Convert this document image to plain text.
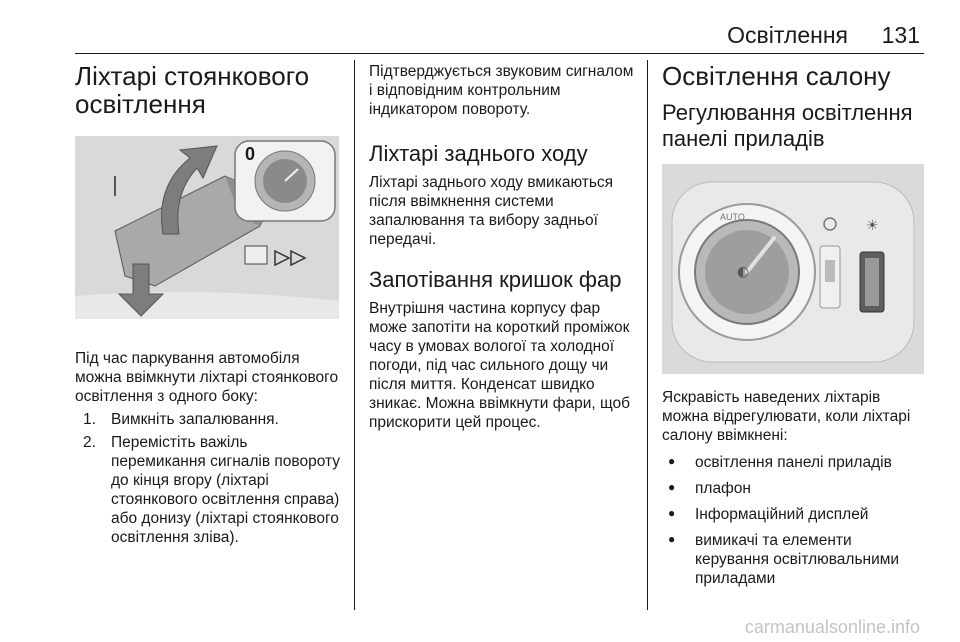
Освітлення 131
Ліхтарі стоянкового освітлення
0

Під час паркування автомобіля можна ввімкнути ліхтарі стоянкового освітлення з одного боку:

1. Вимкніть запалювання.
2. Перемістіть важіль перемикання сигналів повороту до кінця вгору (ліхтарі стоянкового освітлення справа) або донизу (ліхтарі стоянкового освітлення зліва).

Підтверджується звуковим сигналом і відповідним контрольним індикатором повороту.

Ліхтарі заднього ходу

Ліхтарі заднього ходу вмикаються після ввімкнення системи запалювання та вибору задньої передачі.

Запотівання кришок фар

Внутрішня частина корпусу фар може запотіти на короткий проміжок часу в умовах вологої та холодної погоди, під час сильного дощу чи після миття. Конденсат швидко зникає. Можна ввімкнути фари, щоб прискорити цей процес.

Освітлення салону
Регулювання освітлення панелі приладів
◐
☀
AUTO

Яскравість наведених ліхтарів можна відрегулювати, коли ліхтарі салону ввімкнені:

● освітлення панелі приладів
● плафон
● Інформаційний дисплей
● вимикачі та елементи керування освітлювальними приладами
carmanualsonline.info
